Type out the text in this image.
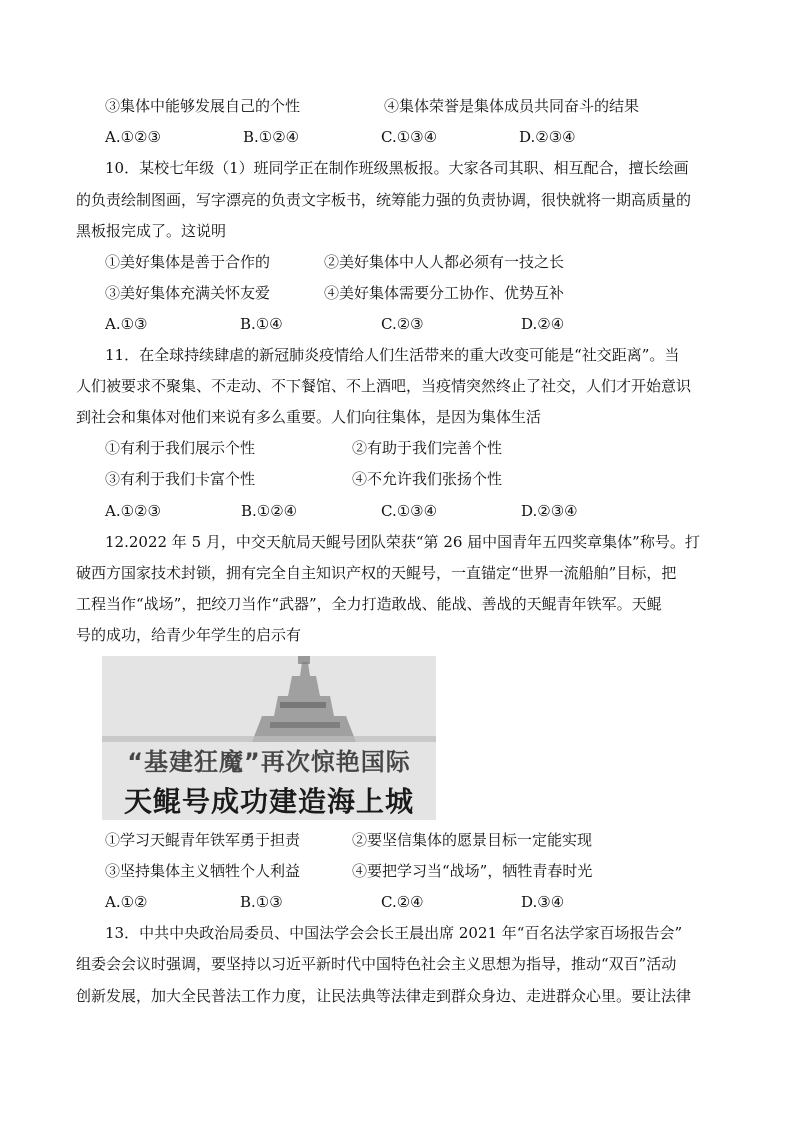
③集体中能够发展自己的个性	④集体荣誉是集体成员共同奋斗的结果
A.①②③	B.①②④	C.①③④	D.②③④
10．某校七年级（1）班同学正在制作班级黑板报。大家各司其职、相互配合，擅长绘画
的负责绘制图画，写字漂亮的负责文字板书，统筹能力强的负责协调，很快就将一期高质量的
黑板报完成了。这说明
①美好集体是善于合作的	②美好集体中人人都必须有一技之长
③美好集体充满关怀友爱	④美好集体需要分工协作、优势互补
A.①③	B.①④	C.②③	D.②④
11．在全球持续肆虐的新冠肺炎疫情给人们生活带来的重大改变可能是“社交距离”。当
人们被要求不聚集、不走动、不下餐馆、不上酒吧，当疫情突然终止了社交，人们才开始意识
到社会和集体对他们来说有多么重要。人们向往集体，是因为集体生活
①有利于我们展示个性	②有助于我们完善个性
③有利于我们卡富个性	④不允许我们张扬个性
A.①②③	B.①②④	C.①③④	D.②③④
12.2022 年 5 月，中交天航局天鲲号团队荣获“第 26 届中国青年五四奖章集体”称号。打
破西方国家技术封锁，拥有完全自主知识产权的天鲲号，一直锚定“世界一流船舶”目标，把
工程当作“战场”，把绞刀当作“武器”，全力打造敢战、能战、善战的天鲲青年铁军。天鲲
号的成功，给青少年学生的启示有
“基建狂魔”再次惊艳国际
天鲲号成功建造海上城
①学习天鲲青年铁军勇于担责	②要坚信集体的愿景目标一定能实现
③坚持集体主义牺牲个人利益	④要把学习当“战场”，牺牲青春时光
A.①②	B.①③	C.②④	D.③④
13．中共中央政治局委员、中国法学会会长王晨出席 2021 年“百名法学家百场报告会”
组委会会议时强调，要坚持以习近平新时代中国特色社会主义思想为指导，推动“双百”活动
创新发展，加大全民普法工作力度，让民法典等法律走到群众身边、走进群众心里。要让法律
